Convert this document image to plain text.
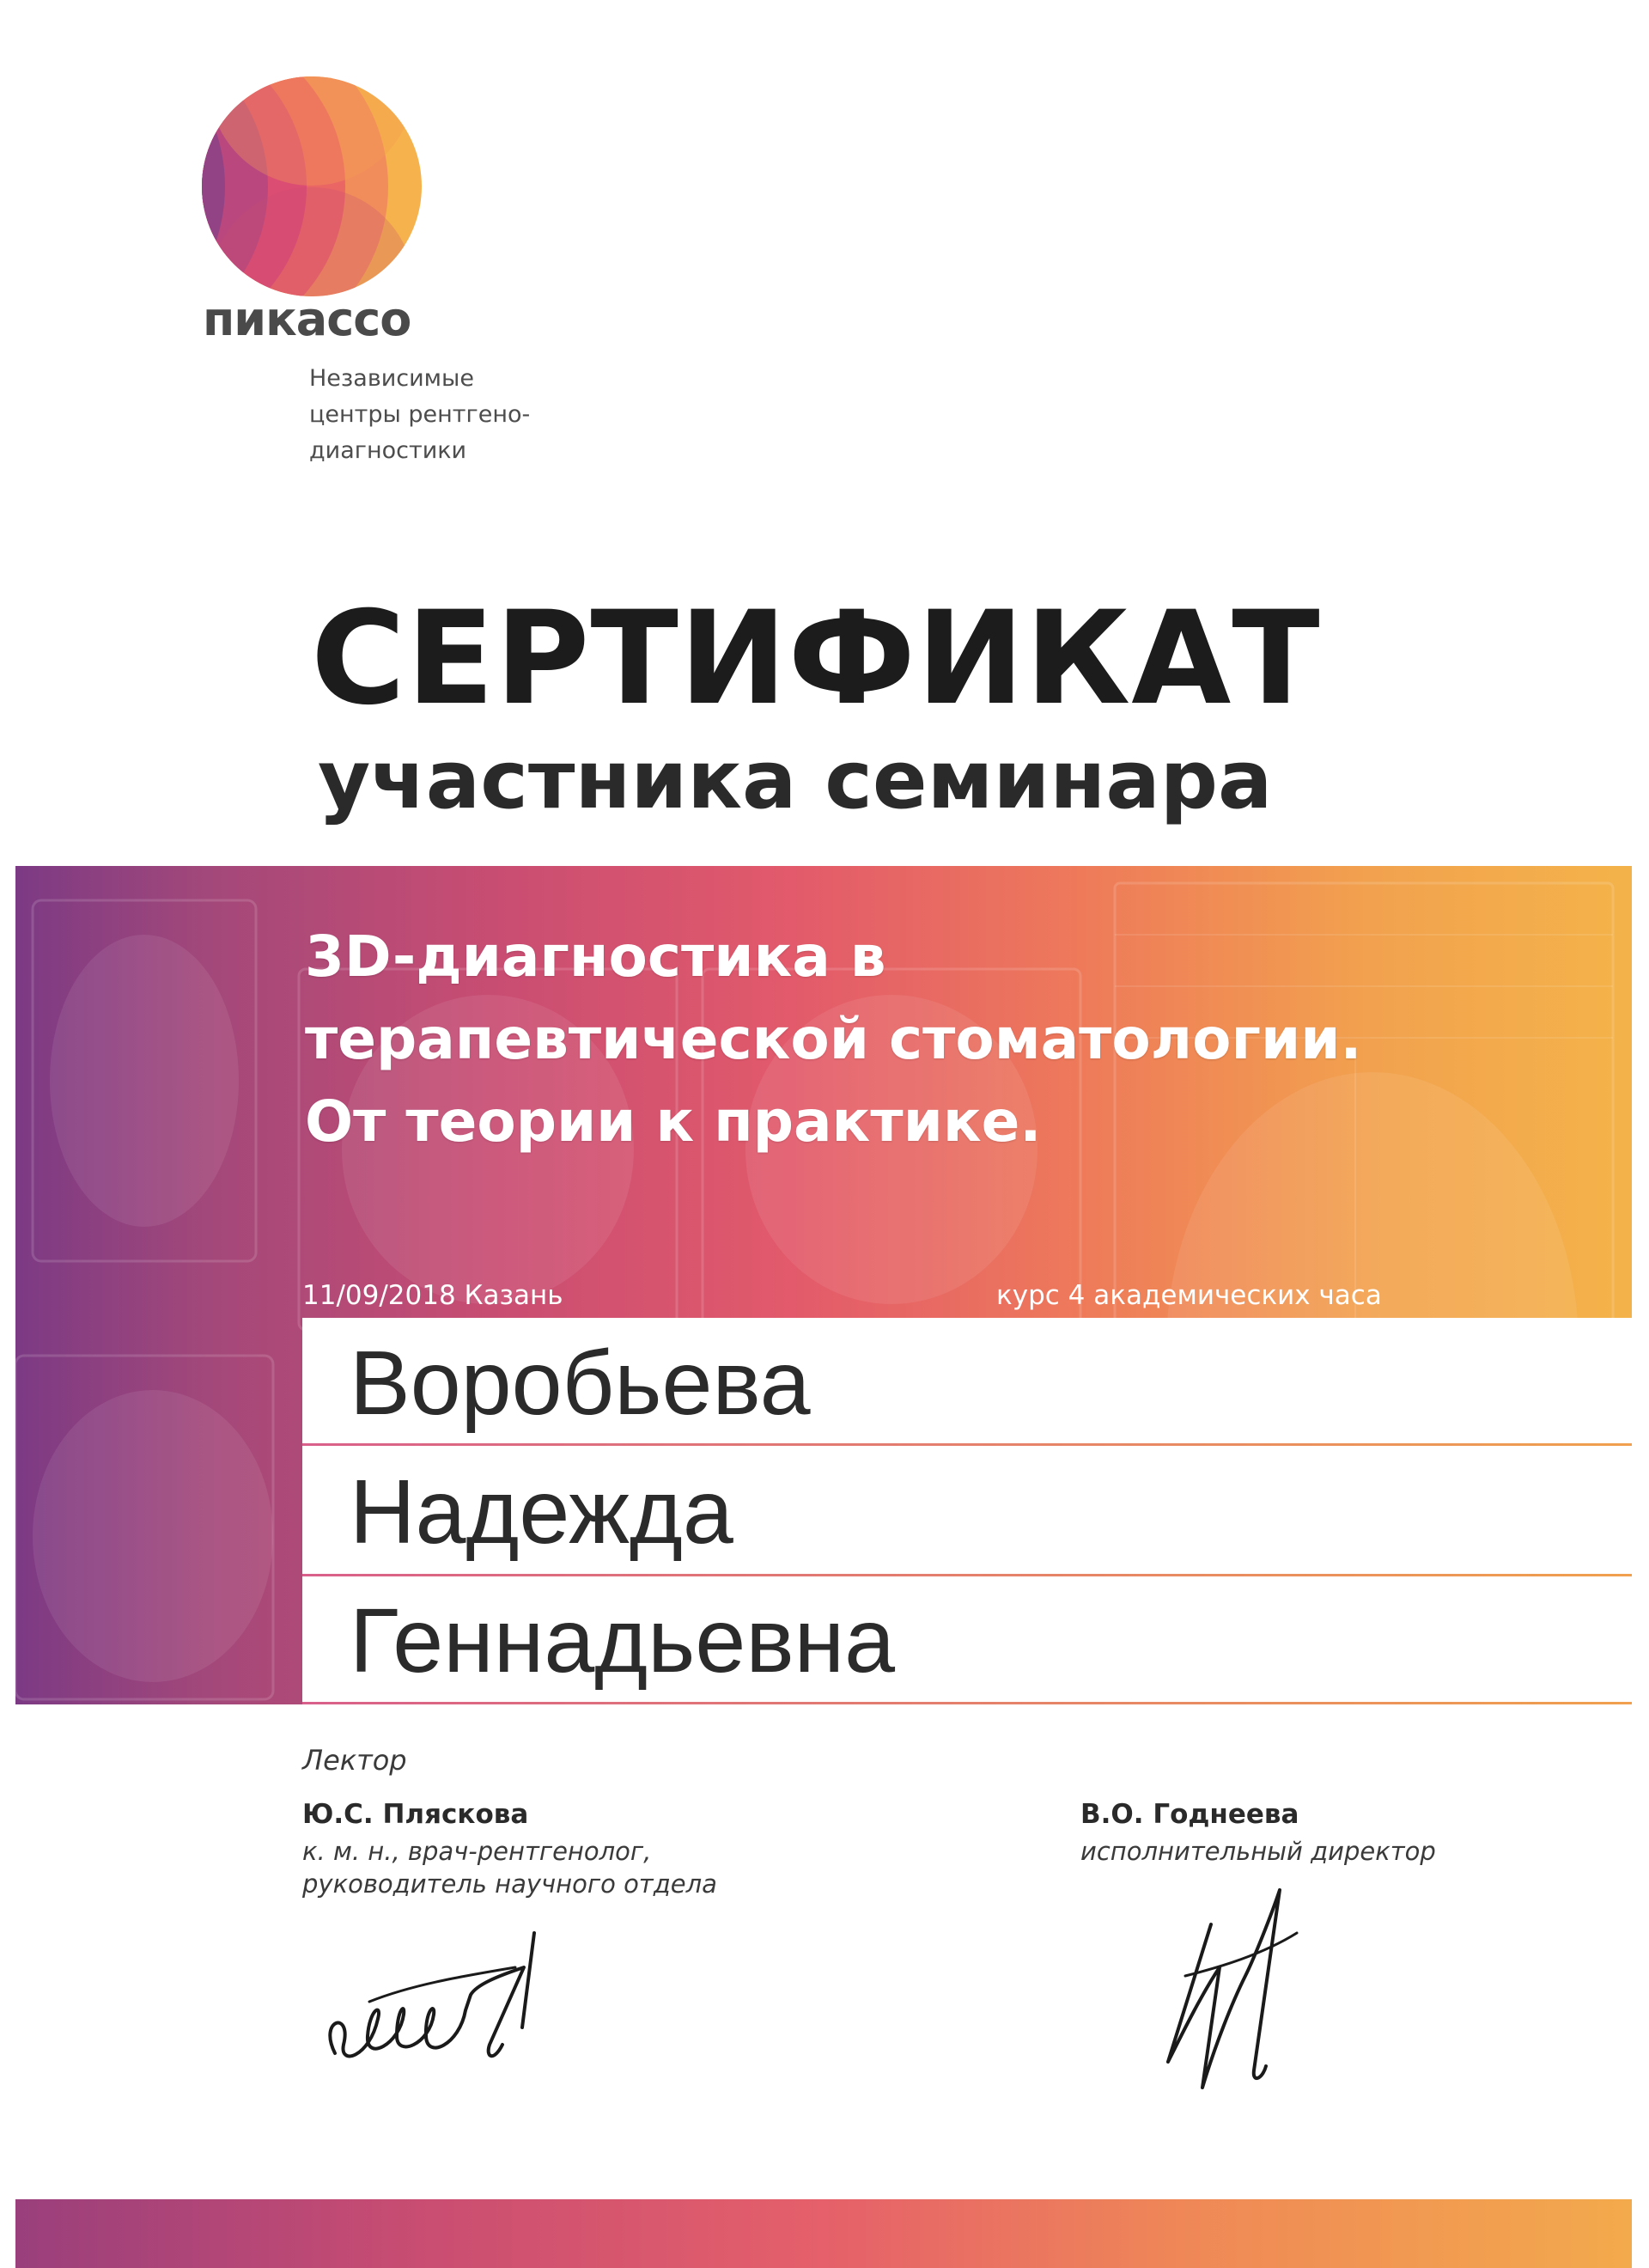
пикассо
Независимые
центры рентгено-
диагностики
СЕРТИФИКАТ
участника семинара
3D-диагностика в
терапевтической стоматологии.
От теории к практике.
11/09/2018 Казань	курс 4 академических часа
Воробьева
Надежда
Геннадьевна
Лектор
Ю.С. Пляскова
к. м. н., врач-рентгенолог,
руководитель научного отдела
В.О. Годнеева
исполнительный директор
